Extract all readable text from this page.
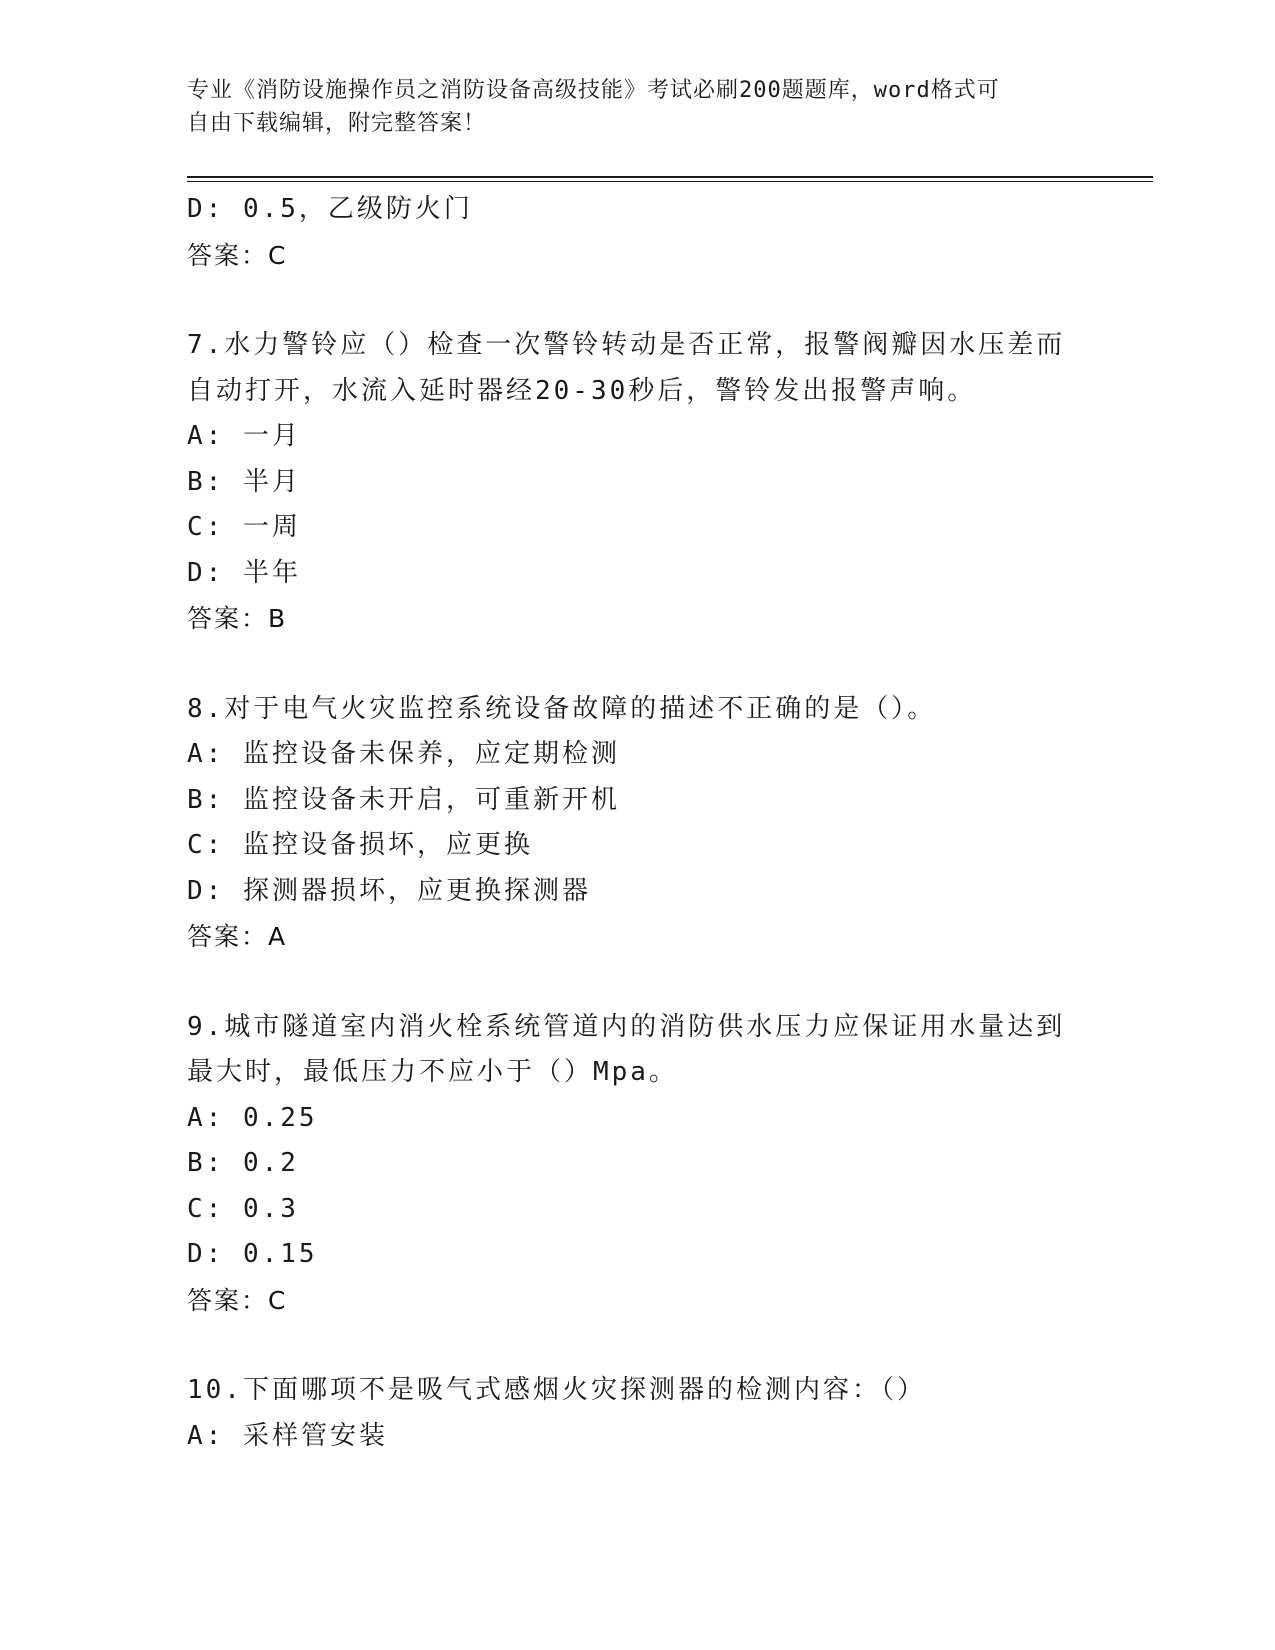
专业《消防设施操作员之消防设备高级技能》考试必刷200题题库，word格式可
自由下载编辑，附完整答案！
D: 0.5，乙级防火门
答案：C
7.水力警铃应（）检查一次警铃转动是否正常，报警阀瓣因水压差而
自动打开，水流入延时器经20-30秒后，警铃发出报警声响。
A: 一月
B: 半月
C: 一周
D: 半年
答案：B
8.对于电气火灾监控系统设备故障的描述不正确的是（）。
A: 监控设备未保养，应定期检测
B: 监控设备未开启，可重新开机
C: 监控设备损坏，应更换
D: 探测器损坏，应更换探测器
答案：A
9.城市隧道室内消火栓系统管道内的消防供水压力应保证用水量达到
最大时，最低压力不应小于（）Mpa。
A: 0.25
B: 0.2
C: 0.3
D: 0.15
答案：C
10.下面哪项不是吸气式感烟火灾探测器的检测内容：（）
A: 采样管安装
